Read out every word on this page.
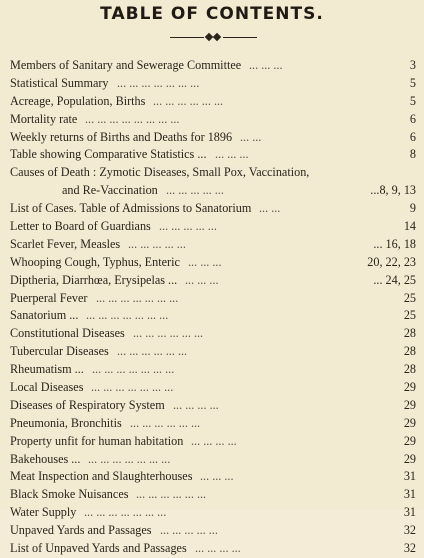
TABLE OF CONTENTS.
Members of Sanitary and Sewerage Committee ... ... ...	3
Statistical Summary ... ... ... ... ... ... ...	5
Acreage, Population, Births ... ... ... ... ... ...	5
Mortality rate ... ... ... ... ... ... ... ...	6
Weekly returns of Births and Deaths for 1896 ... ...	6
Table showing Comparative Statistics ... ... ... ...	8
Causes of Death : Zymotic Diseases, Small Pox, Vaccination,
and Re-Vaccination ... ... ... ... ...	...8, 9, 13
List of Cases. Table of Admissions to Sanatorium ... ...	9
Letter to Board of Guardians ... ... ... ... ...	14
Scarlet Fever, Measles ... ... ... ... ...	... 16, 18
Whooping Cough, Typhus, Enteric ... ... ...	20, 22, 23
Diptheria, Diarrhœa, Erysipelas ... ... ... ...	... 24, 25
Puerperal Fever ... ... ... ... ... ... ...	25
Sanatorium ... ... ... ... ... ... ... ...	25
Constitutional Diseases ... ... ... ... ... ...	28
Tubercular Diseases ... ... ... ... ... ...	28
Rheumatism ... ... ... ... ... ... ... ...	28
Local Diseases ... ... ... ... ... ... ...	29
Diseases of Respiratory System ... ... ... ...	29
Pneumonia, Bronchitis ... ... ... ... ... ...	29
Property unfit for human habitation ... ... ... ...	29
Bakehouses ... ... ... ... ... ... ... ...	29
Meat Inspection and Slaughterhouses ... ... ...	31
Black Smoke Nuisances ... ... ... ... ... ...	31
Water Supply ... ... ... ... ... ... ...	31
Unpaved Yards and Passages ... ... ... ... ...	32
List of Unpaved Yards and Passages ... ... ... ...	32
